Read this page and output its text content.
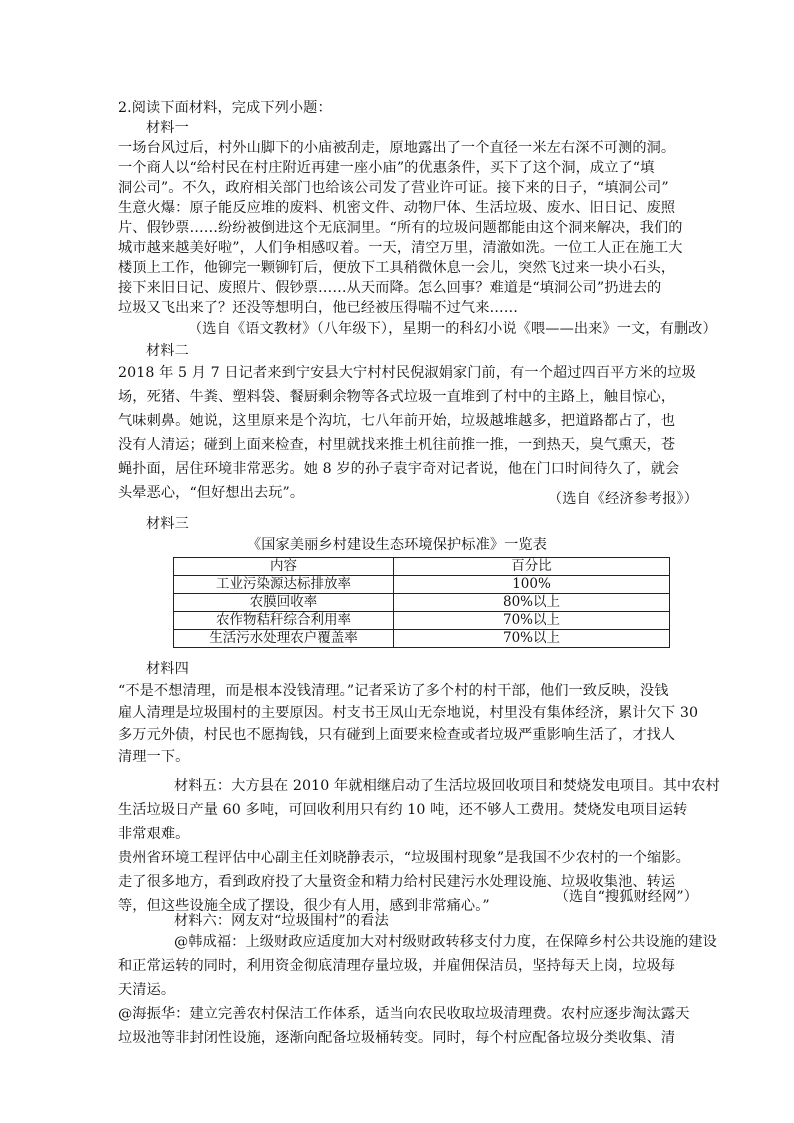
2.阅读下面材料，完成下列小题：
材料一
一场台风过后，村外山脚下的小庙被刮走，原地露出了一个直径一米左右深不可测的洞。
一个商人以“给村民在村庄附近再建一座小庙”的优惠条件，买下了这个洞，成立了“填
洞公司”。不久，政府相关部门也给该公司发了营业许可证。接下来的日子，“填洞公司”
生意火爆：原子能反应堆的废料、机密文件、动物尸体、生活垃圾、废水、旧日记、废照
片、假钞票……纷纷被倒进这个无底洞里。“所有的垃圾问题都能由这个洞来解决，我们的
城市越来越美好啦”，人们争相感叹着。一天，清空万里，清澈如洗。一位工人正在施工大
楼顶上工作，他铆完一颗铆钉后，便放下工具稍微休息一会儿，突然飞过来一块小石头，
接下来旧日记、废照片、假钞票……从天而降。怎么回事？难道是“填洞公司”扔进去的
垃圾又飞出来了？还没等想明白，他已经被压得喘不过气来……
（选自《语文教材》（八年级下），星期一的科幻小说《喂——出来》一文，有删改）
材料二
2018 年 5 月 7 日记者来到宁安县大宁村村民倪淑娟家门前，有一个超过四百平方米的垃圾
场，死猪、牛粪、塑料袋、餐厨剩余物等各式垃圾一直堆到了村中的主路上，触目惊心，
气味刺鼻。她说，这里原来是个沟坑，七八年前开始，垃圾越堆越多，把道路都占了，也
没有人清运；碰到上面来检查，村里就找来推土机往前推一推，一到热天，臭气熏天，苍
蝇扑面，居住环境非常恶劣。她 8 岁的孙子袁宇奇对记者说，他在门口时间待久了，就会
头晕恶心，“但好想出去玩”。	（选自《经济参考报》）
材料三
《国家美丽乡村建设生态环境保护标准》一览表
内容	百分比
工业污染源达标排放率	100%
农膜回收率	80%以上
农作物秸秆综合利用率	70%以上
生活污水处理农户覆盖率	70%以上
材料四
“不是不想清理，而是根本没钱清理。”记者采访了多个村的村干部，他们一致反映，没钱
雇人清理是垃圾围村的主要原因。村支书王凤山无奈地说，村里没有集体经济，累计欠下 30
多万元外债，村民也不愿掏钱，只有碰到上面要来检查或者垃圾严重影响生活了，才找人
清理一下。
材料五：大方县在 2010 年就相继启动了生活垃圾回收项目和焚烧发电项目。其中农村
生活垃圾日产量 60 多吨，可回收利用只有约 10 吨，还不够人工费用。焚烧发电项目运转
非常艰难。
贵州省环境工程评估中心副主任刘晓静表示，“垃圾围村现象”是我国不少农村的一个缩影。
走了很多地方，看到政府投了大量资金和精力给村民建污水处理设施、垃圾收集池、转运
等，但这些设施全成了摆设，很少有人用，感到非常痛心。”
（选自“搜狐财经网”）
材料六：网友对“垃圾围村”的看法
@韩成福：上级财政应适度加大对村级财政转移支付力度，在保障乡村公共设施的建设
和正常运转的同时，利用资金彻底清理存量垃圾，并雇佣保洁员，坚持每天上岗，垃圾每
天清运。
@海振华：建立完善农村保洁工作体系，适当向农民收取垃圾清理费。农村应逐步淘汰露天
垃圾池等非封闭性设施，逐渐向配备垃圾桶转变。同时，每个村应配备垃圾分类收集、清
